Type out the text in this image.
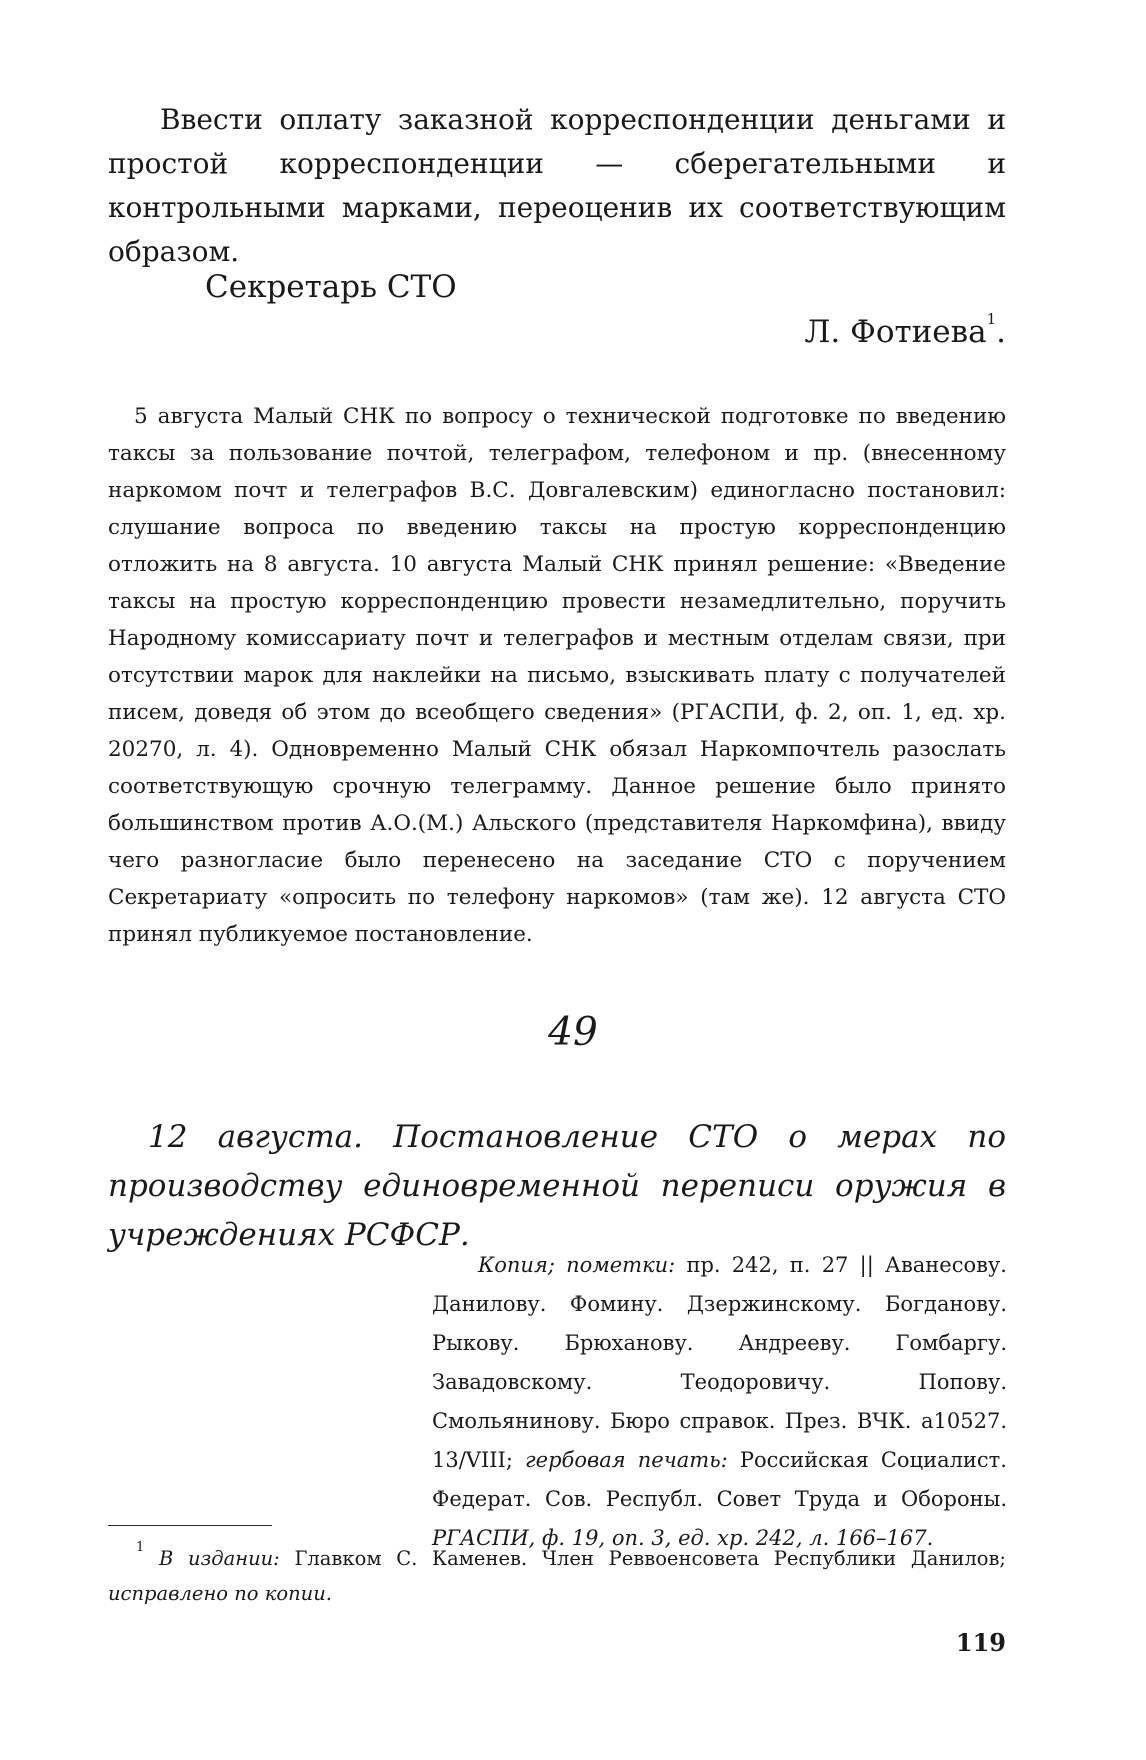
Ввести оплату заказной корреспонденции деньгами и простой корреспонденции — сберегательными и контрольными марками, переоценив их соответствующим образом.

Секретарь СТО
Л. Фотиева$^1$.

5 августа Малый СНК по вопросу о технической подготовке по введению таксы за пользование почтой, телеграфом, телефоном и пр. (внесенному наркомом почт и телеграфов В.С. Довгалевским) единогласно постановил: слушание вопроса по введению таксы на простую корреспонденцию отложить на 8 августа. 10 августа Малый СНК принял решение: «Введение таксы на простую корреспонденцию провести незамедлительно, поручить Народному комиссариату почт и телеграфов и местным отделам связи, при отсутствии марок для наклейки на письмо, взыскивать плату с получателей писем, доведя об этом до всеобщего сведения» (РГАСПИ, ф. 2, оп. 1, ед. хр. 20270, л. 4). Одновременно Малый СНК обязал Наркомпочтель разослать соответствующую срочную телеграмму. Данное решение было принято большинством против А.О.(М.) Альского (представителя Наркомфина), ввиду чего разногласие было перенесено на заседание СТО с поручением Секретариату «опросить по телефону наркомов» (там же). 12 августа СТО принял публикуемое постановление.

49

12 августа. Постановление СТО о мерах по производству единовременной переписи оружия в учреждениях РСФСР.

Копия; пометки: пр. 242, п. 27 || Аванесову. Данилову. Фомину. Дзержинскому. Богданову. Рыкову. Брюханову. Андрееву. Гомбаргу. Завадовскому. Теодоровичу. Попову. Смольянинову. Бюро справок. През. ВЧК. а10527. 13/VIII; гербовая печать: Российская Социалист. Федерат. Сов. Республ. Совет Труда и Обороны. РГАСПИ, ф. 19, оп. 3, ед. хр. 242, л. 166–167.

$^1$ В издании: Главком С. Каменев. Член Реввоенсовета Республики Данилов; исправлено по копии.

119
